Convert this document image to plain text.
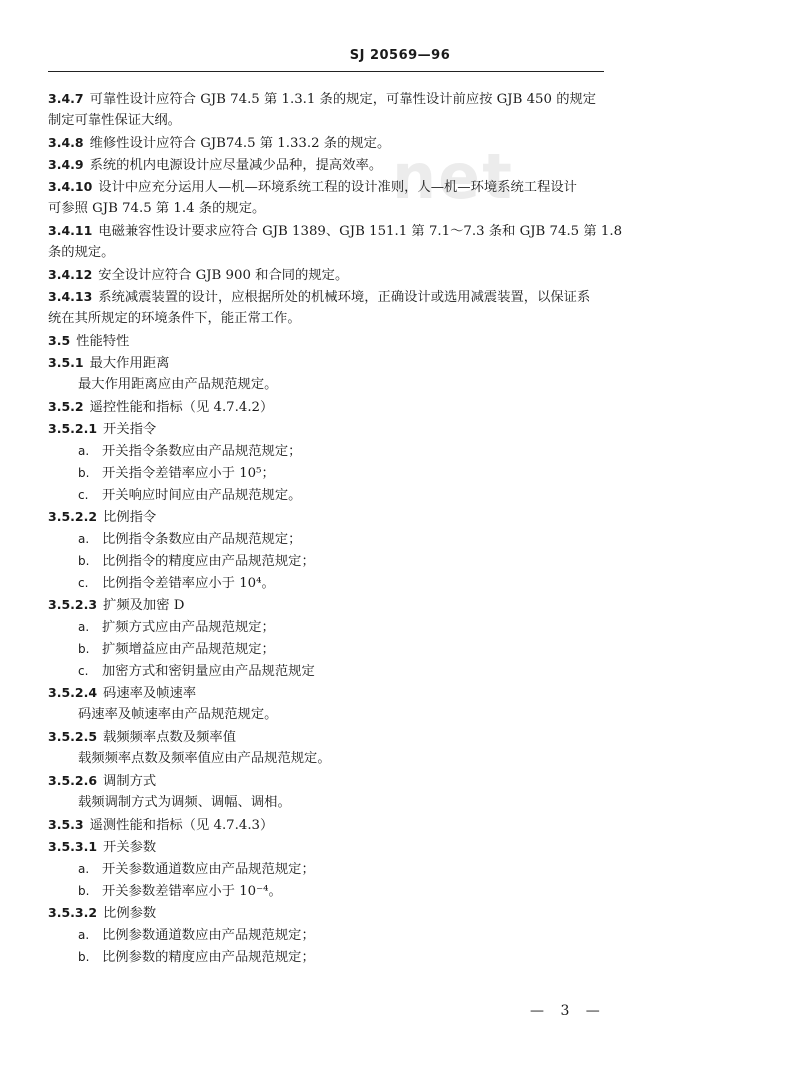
SJ 20569—96
net
3.4.7 可靠性设计应符合 GJB 74.5 第 1.3.1 条的规定，可靠性设计前应按 GJB 450 的规定
制定可靠性保证大纲。
3.4.8 维修性设计应符合 GJB74.5 第 1.33.2 条的规定。
3.4.9 系统的机内电源设计应尽量减少品种，提高效率。
3.4.10 设计中应充分运用人—机—环境系统工程的设计准则，人—机—环境系统工程设计
可参照 GJB 74.5 第 1.4 条的规定。
3.4.11 电磁兼容性设计要求应符合 GJB 1389、GJB 151.1 第 7.1～7.3 条和 GJB 74.5 第 1.8
条的规定。
3.4.12 安全设计应符合 GJB 900 和合同的规定。
3.4.13 系统减震装置的设计，应根据所处的机械环境，正确设计或选用减震装置，以保证系
统在其所规定的环境条件下，能正常工作。
3.5 性能特性
3.5.1 最大作用距离
最大作用距离应由产品规范规定。
3.5.2 遥控性能和指标（见 4.7.4.2）
3.5.2.1 开关指令
a. 开关指令条数应由产品规范规定；
b. 开关指令差错率应小于 10⁵；
c. 开关响应时间应由产品规范规定。
3.5.2.2 比例指令
a. 比例指令条数应由产品规范规定；
b. 比例指令的精度应由产品规范规定；
c. 比例指令差错率应小于 10⁴。
3.5.2.3 扩频及加密 D
a. 扩频方式应由产品规范规定；
b. 扩频增益应由产品规范规定；
c. 加密方式和密钥量应由产品规范规定
3.5.2.4 码速率及帧速率
码速率及帧速率由产品规范规定。
3.5.2.5 载频频率点数及频率值
载频频率点数及频率值应由产品规范规定。
3.5.2.6 调制方式
载频调制方式为调频、调幅、调相。
3.5.3 遥测性能和指标（见 4.7.4.3）
3.5.3.1 开关参数
a. 开关参数通道数应由产品规范规定；
b. 开关参数差错率应小于 10⁻⁴。
3.5.3.2 比例参数
a. 比例参数通道数应由产品规范规定；
b. 比例参数的精度应由产品规范规定；
— 3 —
